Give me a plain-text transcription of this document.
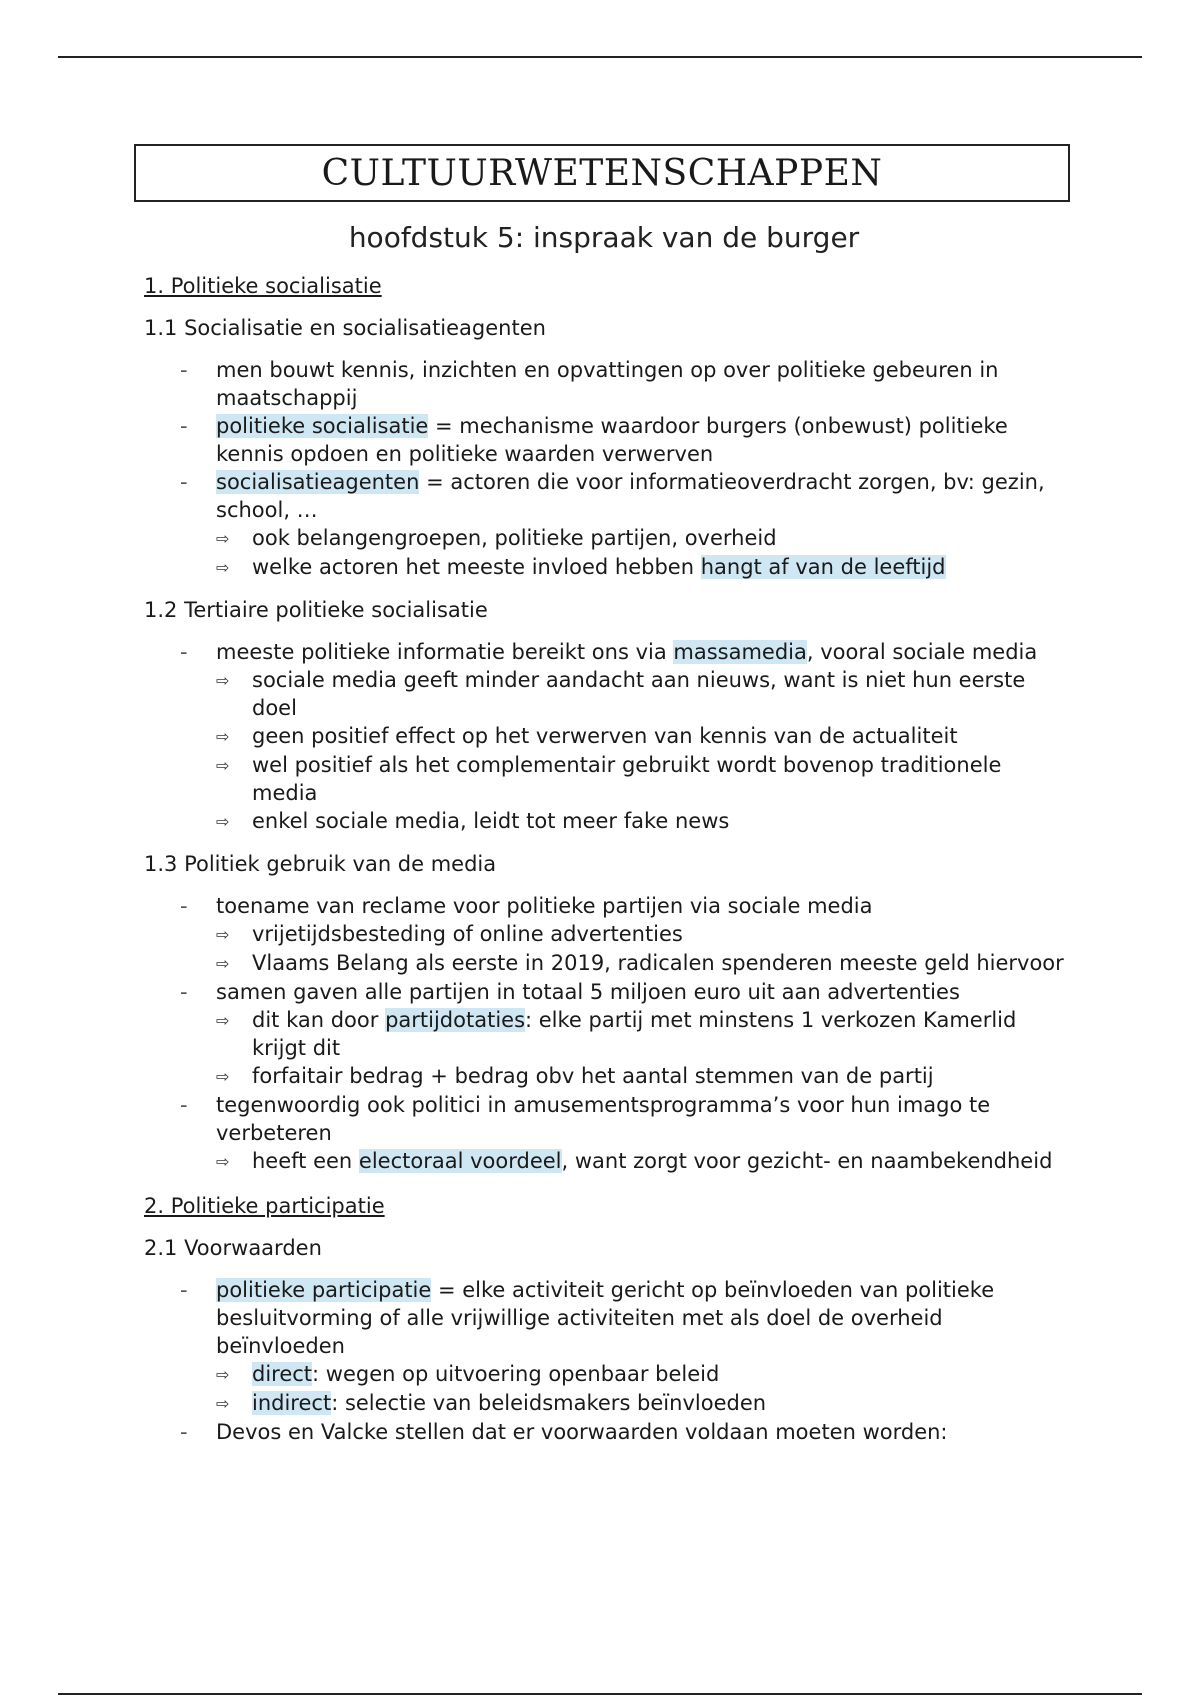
CULTUURWETENSCHAPPEN
hoofdstuk 5: inspraak van de burger
1. Politieke socialisatie
1.1 Socialisatie en socialisatieagenten
-	men bouwt kennis, inzichten en opvattingen op over politieke gebeuren in maatschappij
-	politieke socialisatie = mechanisme waardoor burgers (onbewust) politieke kennis opdoen en politieke waarden verwerven
-	socialisatieagenten = actoren die voor informatieoverdracht zorgen, bv: gezin, school, …
⇨	ook belangengroepen, politieke partijen, overheid
⇨	welke actoren het meeste invloed hebben hangt af van de leeftijd
1.2 Tertiaire politieke socialisatie
-	meeste politieke informatie bereikt ons via massamedia, vooral sociale media
⇨	sociale media geeft minder aandacht aan nieuws, want is niet hun eerste doel
⇨	geen positief effect op het verwerven van kennis van de actualiteit
⇨	wel positief als het complementair gebruikt wordt bovenop traditionele media
⇨	enkel sociale media, leidt tot meer fake news
1.3 Politiek gebruik van de media
-	toename van reclame voor politieke partijen via sociale media
⇨	vrijetijdsbesteding of online advertenties
⇨	Vlaams Belang als eerste in 2019, radicalen spenderen meeste geld hiervoor
-	samen gaven alle partijen in totaal 5 miljoen euro uit aan advertenties
⇨	dit kan door partijdotaties: elke partij met minstens 1 verkozen Kamerlid krijgt dit
⇨	forfaitair bedrag + bedrag obv het aantal stemmen van de partij
-	tegenwoordig ook politici in amusementsprogramma’s voor hun imago te verbeteren
⇨	heeft een electoraal voordeel, want zorgt voor gezicht- en naambekendheid
2. Politieke participatie
2.1 Voorwaarden
-	politieke participatie = elke activiteit gericht op beïnvloeden van politieke besluitvorming of alle vrijwillige activiteiten met als doel de overheid beïnvloeden
⇨	direct: wegen op uitvoering openbaar beleid
⇨	indirect: selectie van beleidsmakers beïnvloeden
-	Devos en Valcke stellen dat er voorwaarden voldaan moeten worden:
